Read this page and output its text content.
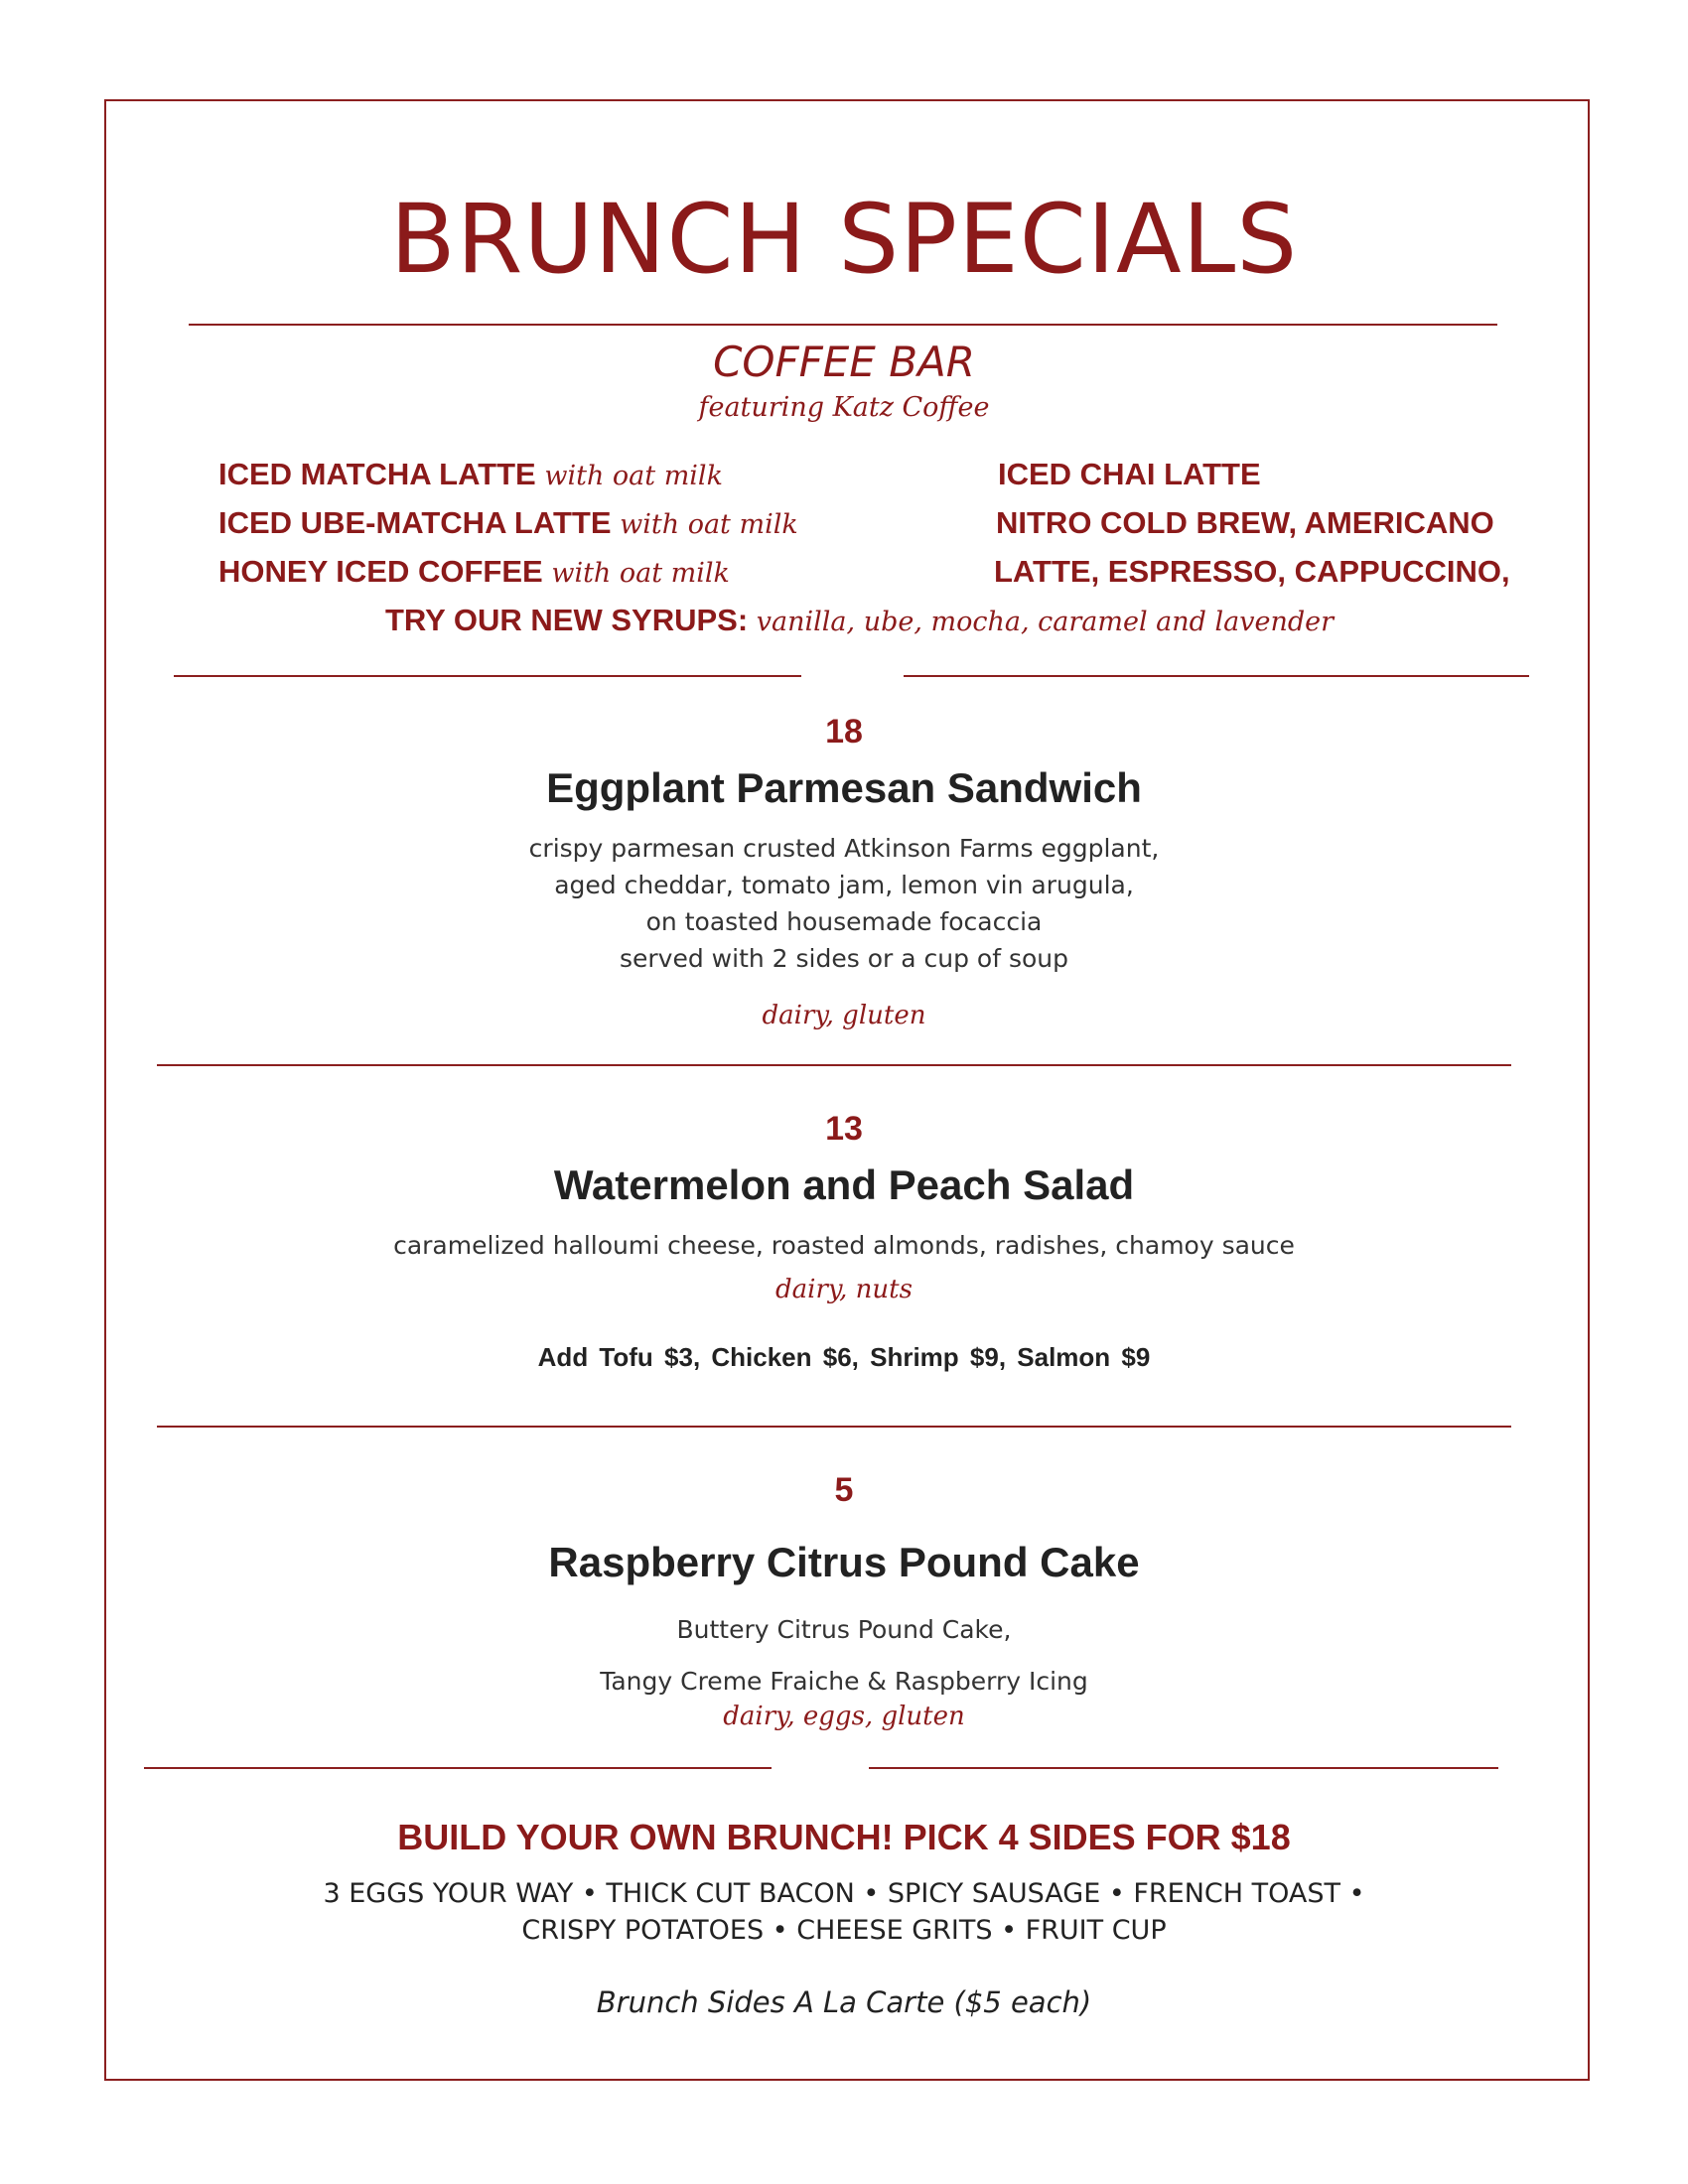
BRUNCH SPECIALS
COFFEE BAR
featuring Katz Coffee
ICED MATCHA LATTE with oat milk
ICED UBE-MATCHA LATTE with oat milk
HONEY ICED COFFEE with oat milk
ICED CHAI LATTE
NITRO COLD BREW, AMERICANO
LATTE, ESPRESSO, CAPPUCCINO,
TRY OUR NEW SYRUPS: vanilla, ube, mocha, caramel and lavender
18
Eggplant Parmesan Sandwich
crispy parmesan crusted Atkinson Farms eggplant,
aged cheddar, tomato jam, lemon vin arugula,
on toasted housemade focaccia
served with 2 sides or a cup of soup
dairy, gluten
13
Watermelon and Peach Salad
caramelized halloumi cheese, roasted almonds, radishes, chamoy sauce
dairy, nuts
Add Tofu $3, Chicken $6, Shrimp $9, Salmon $9
5
Raspberry Citrus Pound Cake
Buttery Citrus Pound Cake,
Tangy Creme Fraiche & Raspberry Icing
dairy, eggs, gluten
BUILD YOUR OWN BRUNCH! PICK 4 SIDES FOR $18
3 EGGS YOUR WAY • THICK CUT BACON • SPICY SAUSAGE • FRENCH TOAST •
CRISPY POTATOES • CHEESE GRITS • FRUIT CUP
Brunch Sides A La Carte ($5 each)
